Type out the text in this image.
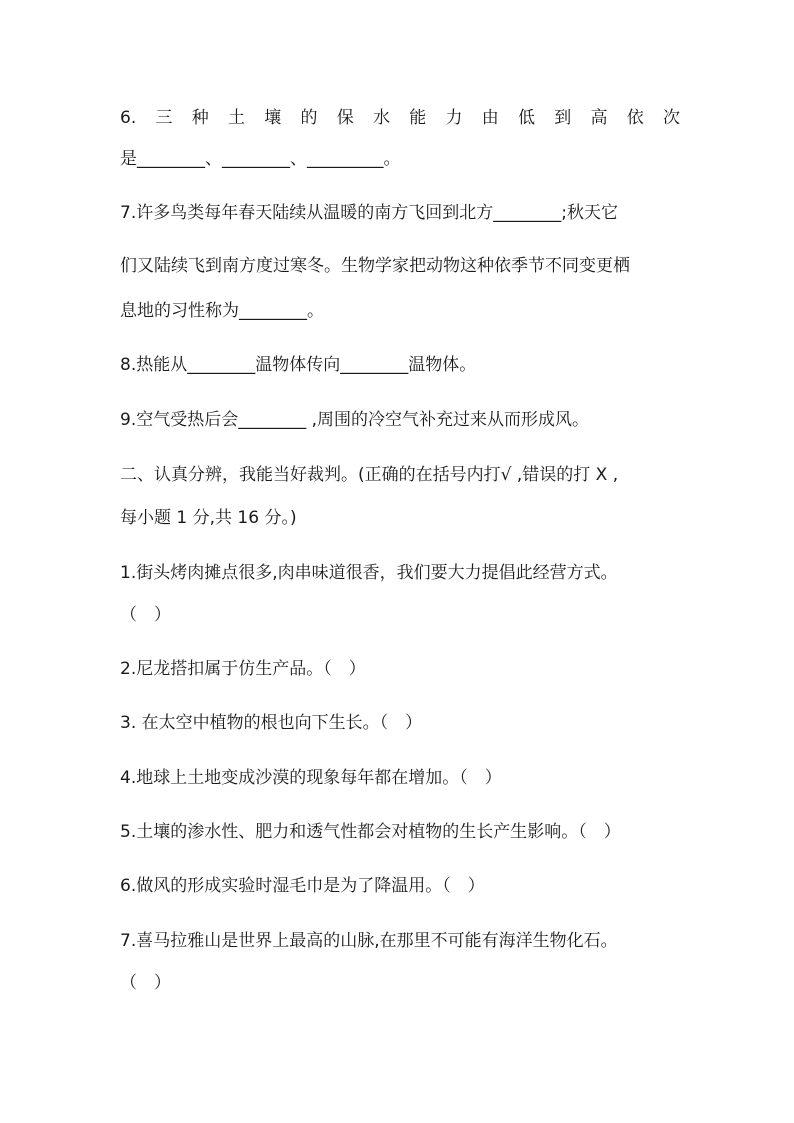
6. 三 种 土 壤 的 保 水 能 力 由 低 到 高 依 次

是________、________、_________。

7.许多鸟类每年春天陆续从温暖的南方飞回到北方________;秋天它

们又陆续飞到南方度过寒冬。生物学家把动物这种依季节不同变更栖

息地的习性称为________。

8.热能从________温物体传向________温物体。

9.空气受热后会________ ,周围的冷空气补充过来从而形成风。

二、认真分辨，我能当好裁判。(正确的在括号内打√ ,错误的打 X ,

每小题 1 分,共 16 分。)

1.街头烤肉摊点很多,肉串味道很香，我们要大力提倡此经营方式。

（　）

2.尼龙搭扣属于仿生产品。（　）

3. 在太空中植物的根也向下生长。（　）

4.地球上土地变成沙漠的现象每年都在增加。（　）

5.土壤的渗水性、肥力和透气性都会对植物的生长产生影响。（　）

6.做风的形成实验时湿毛巾是为了降温用。（　）

7.喜马拉雅山是世界上最高的山脉,在那里不可能有海洋生物化石。

（　）
